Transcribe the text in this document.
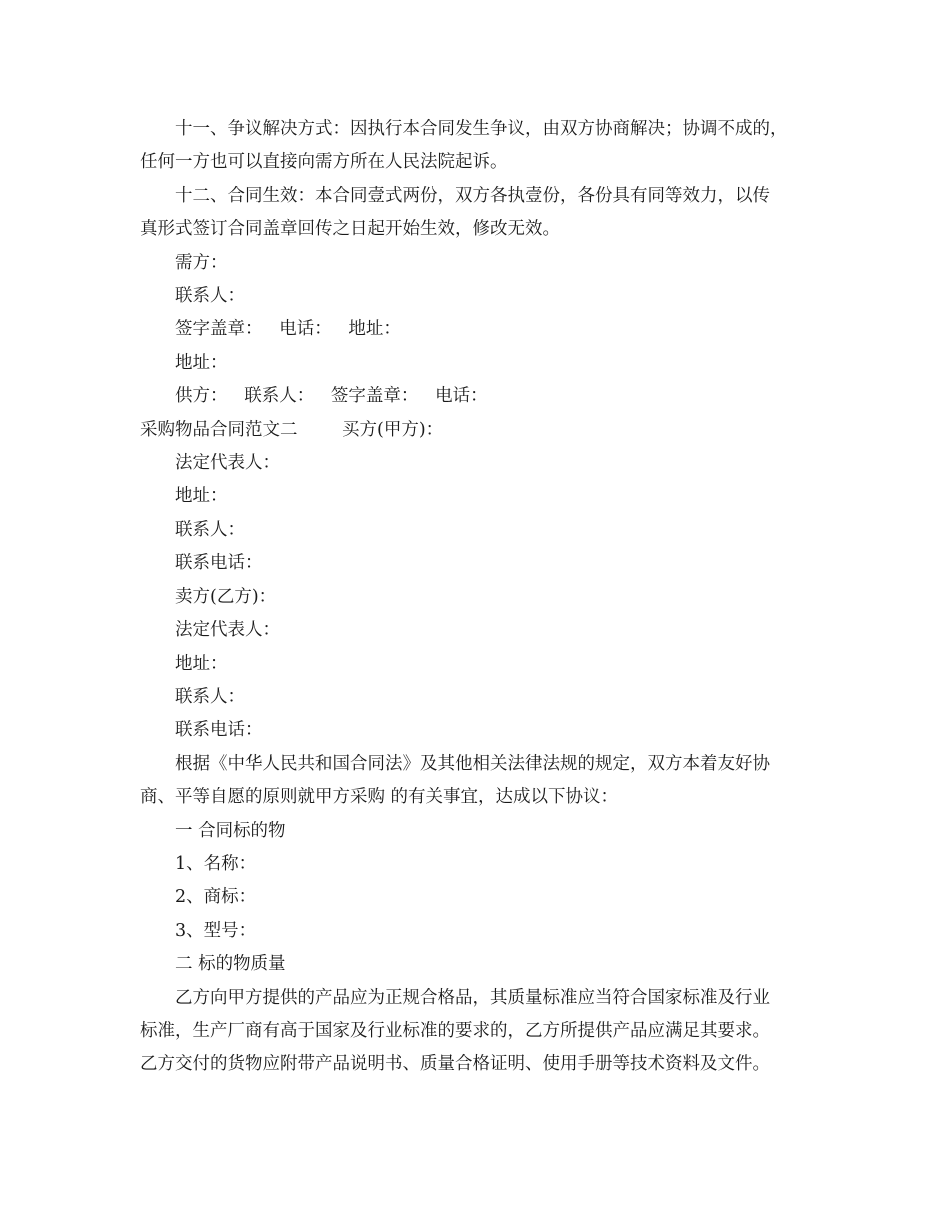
十一、争议解决方式：因执行本合同发生争议，由双方协商解决；协调不成的，

任何一方也可以直接向需方所在人民法院起诉。

十二、合同生效：本合同壹式两份，双方各执壹份，各份具有同等效力，以传

真形式签订合同盖章回传之日起开始生效，修改无效。

需方：

联系人：

签字盖章：   电话：   地址：

地址：

供方：   联系人：   签字盖章：   电话：

采购物品合同范文二        买方(甲方)：

法定代表人：

地址：

联系人：

联系电话：

卖方(乙方)：

法定代表人：

地址：

联系人：

联系电话：

根据《中华人民共和国合同法》及其他相关法律法规的规定，双方本着友好协

商、平等自愿的原则就甲方采购 的有关事宜，达成以下协议：

一 合同标的物

1、名称：

2、商标：

3、型号：

二 标的物质量

乙方向甲方提供的产品应为正规合格品，其质量标准应当符合国家标准及行业

标准，生产厂商有高于国家及行业标准的要求的，乙方所提供产品应满足其要求。

乙方交付的货物应附带产品说明书、质量合格证明、使用手册等技术资料及文件。
